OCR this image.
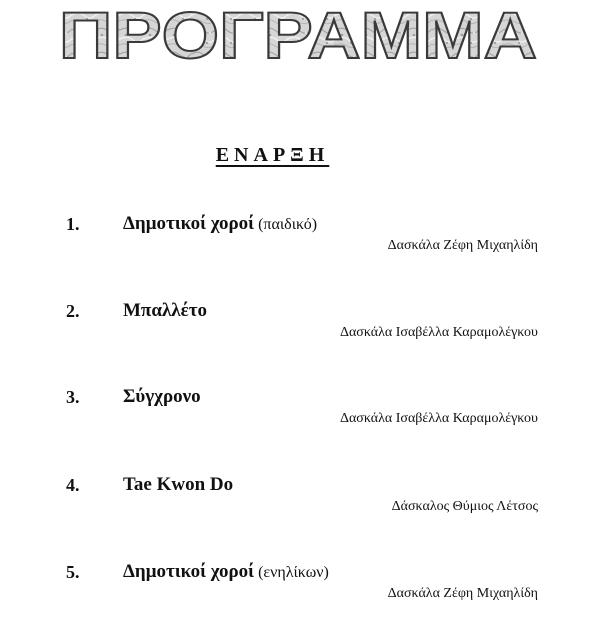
ΠΡΟΓΡΑΜΜΑ
ΕΝΑΡΞΗ
1. Δημοτικοί χοροί (παιδικό)
Δασκάλα Ζέφη Μιχαηλίδη
2. Μπαλλέτο
Δασκάλα Ισαβέλλα Καραμολέγκου
3. Σύγχρονο
Δασκάλα Ισαβέλλα Καραμολέγκου
4. Tae Kwon Do
Δάσκαλος Θύμιος Λέτσος
5. Δημοτικοί χοροί (ενηλίκων)
Δασκάλα Ζέφη Μιχαηλίδη
